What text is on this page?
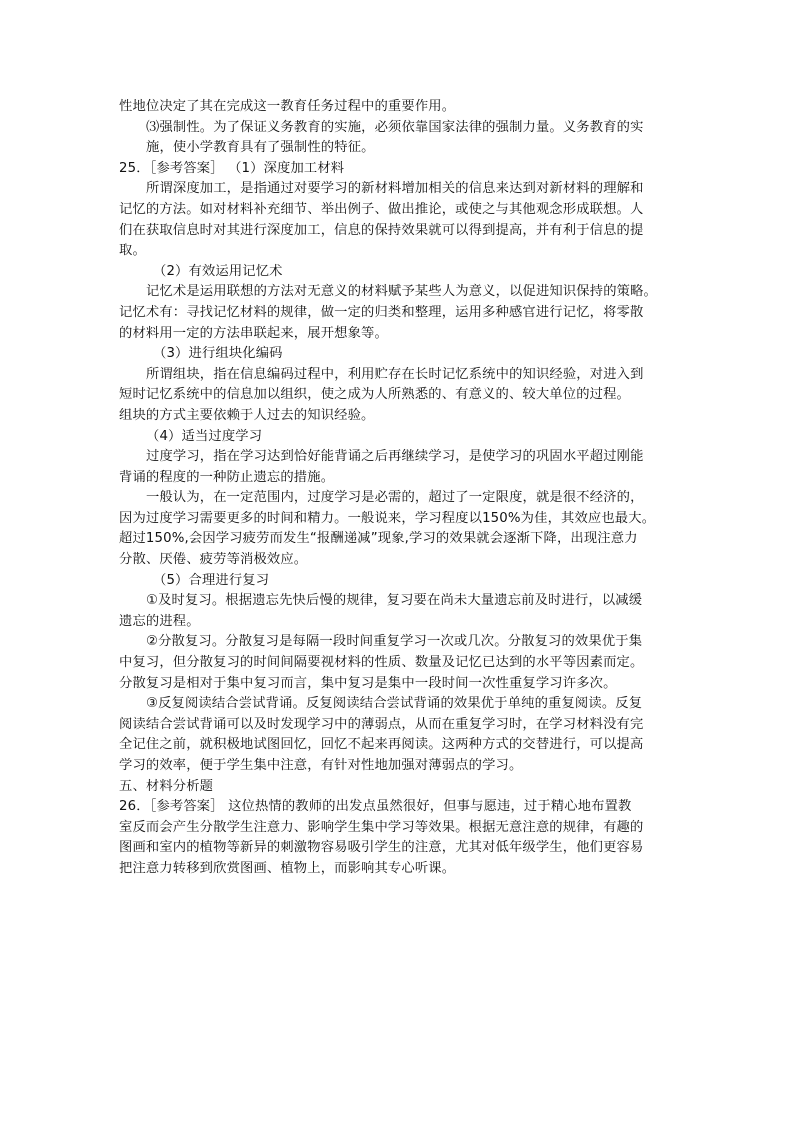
性地位决定了其在完成这一教育任务过程中的重要作用。
⑶强制性。为了保证义务教育的实施，必须依靠国家法律的强制力量。义务教育的实
施，使小学教育具有了强制性的特征。
25．［参考答案］ （1）深度加工材料
所谓深度加工，是指通过对要学习的新材料增加相关的信息来达到对新材料的理解和
记忆的方法。如对材料补充细节、举出例子、做出推论，或使之与其他观念形成联想。人
们在获取信息时对其进行深度加工，信息的保持效果就可以得到提高，并有利于信息的提
取。
（2）有效运用记忆术
记忆术是运用联想的方法对无意义的材料赋予某些人为意义，以促进知识保持的策略。
记忆术有：寻找记忆材料的规律，做一定的归类和整理，运用多种感官进行记忆，将零散
的材料用一定的方法串联起来，展开想象等。
（3）进行组块化编码
所谓组块，指在信息编码过程中，利用贮存在长时记忆系统中的知识经验，对进入到
短时记忆系统中的信息加以组织，使之成为人所熟悉的、有意义的、较大单位的过程。
组块的方式主要依赖于人过去的知识经验。
（4）适当过度学习
过度学习，指在学习达到恰好能背诵之后再继续学习，是使学习的巩固水平超过刚能
背诵的程度的一种防止遗忘的措施。
一般认为，在一定范围内，过度学习是必需的，超过了一定限度，就是很不经济的，
因为过度学习需要更多的时间和精力。一般说来，学习程度以150%为佳，其效应也最大。
超过150%,会因学习疲劳而发生“报酬递减”现象,学习的效果就会逐渐下降，出现注意力
分散、厌倦、疲劳等消极效应。
（5）合理进行复习
①及时复习。根据遗忘先快后慢的规律，复习要在尚未大量遗忘前及时进行，以减缓
遗忘的进程。
②分散复习。分散复习是每隔一段时间重复学习一次或几次。分散复习的效果优于集
中复习，但分散复习的时间间隔要视材料的性质、数量及记忆已达到的水平等因素而定。
分散复习是相对于集中复习而言，集中复习是集中一段时间一次性重复学习许多次。
③反复阅读结合尝试背诵。反复阅读结合尝试背诵的效果优于单纯的重复阅读。反复
阅读结合尝试背诵可以及时发现学习中的薄弱点，从而在重复学习时，在学习材料没有完
全记住之前，就积极地试图回忆，回忆不起来再阅读。这两种方式的交替进行，可以提高
学习的效率，便于学生集中注意，有针对性地加强对薄弱点的学习。
五、材料分析题
26．［参考答案］ 这位热情的教师的出发点虽然很好，但事与愿违，过于精心地布置教
室反而会产生分散学生注意力、影响学生集中学习等效果。根据无意注意的规律，有趣的
图画和室内的植物等新异的刺激物容易吸引学生的注意，尤其对低年级学生，他们更容易
把注意力转移到欣赏图画、植物上，而影响其专心听课。
